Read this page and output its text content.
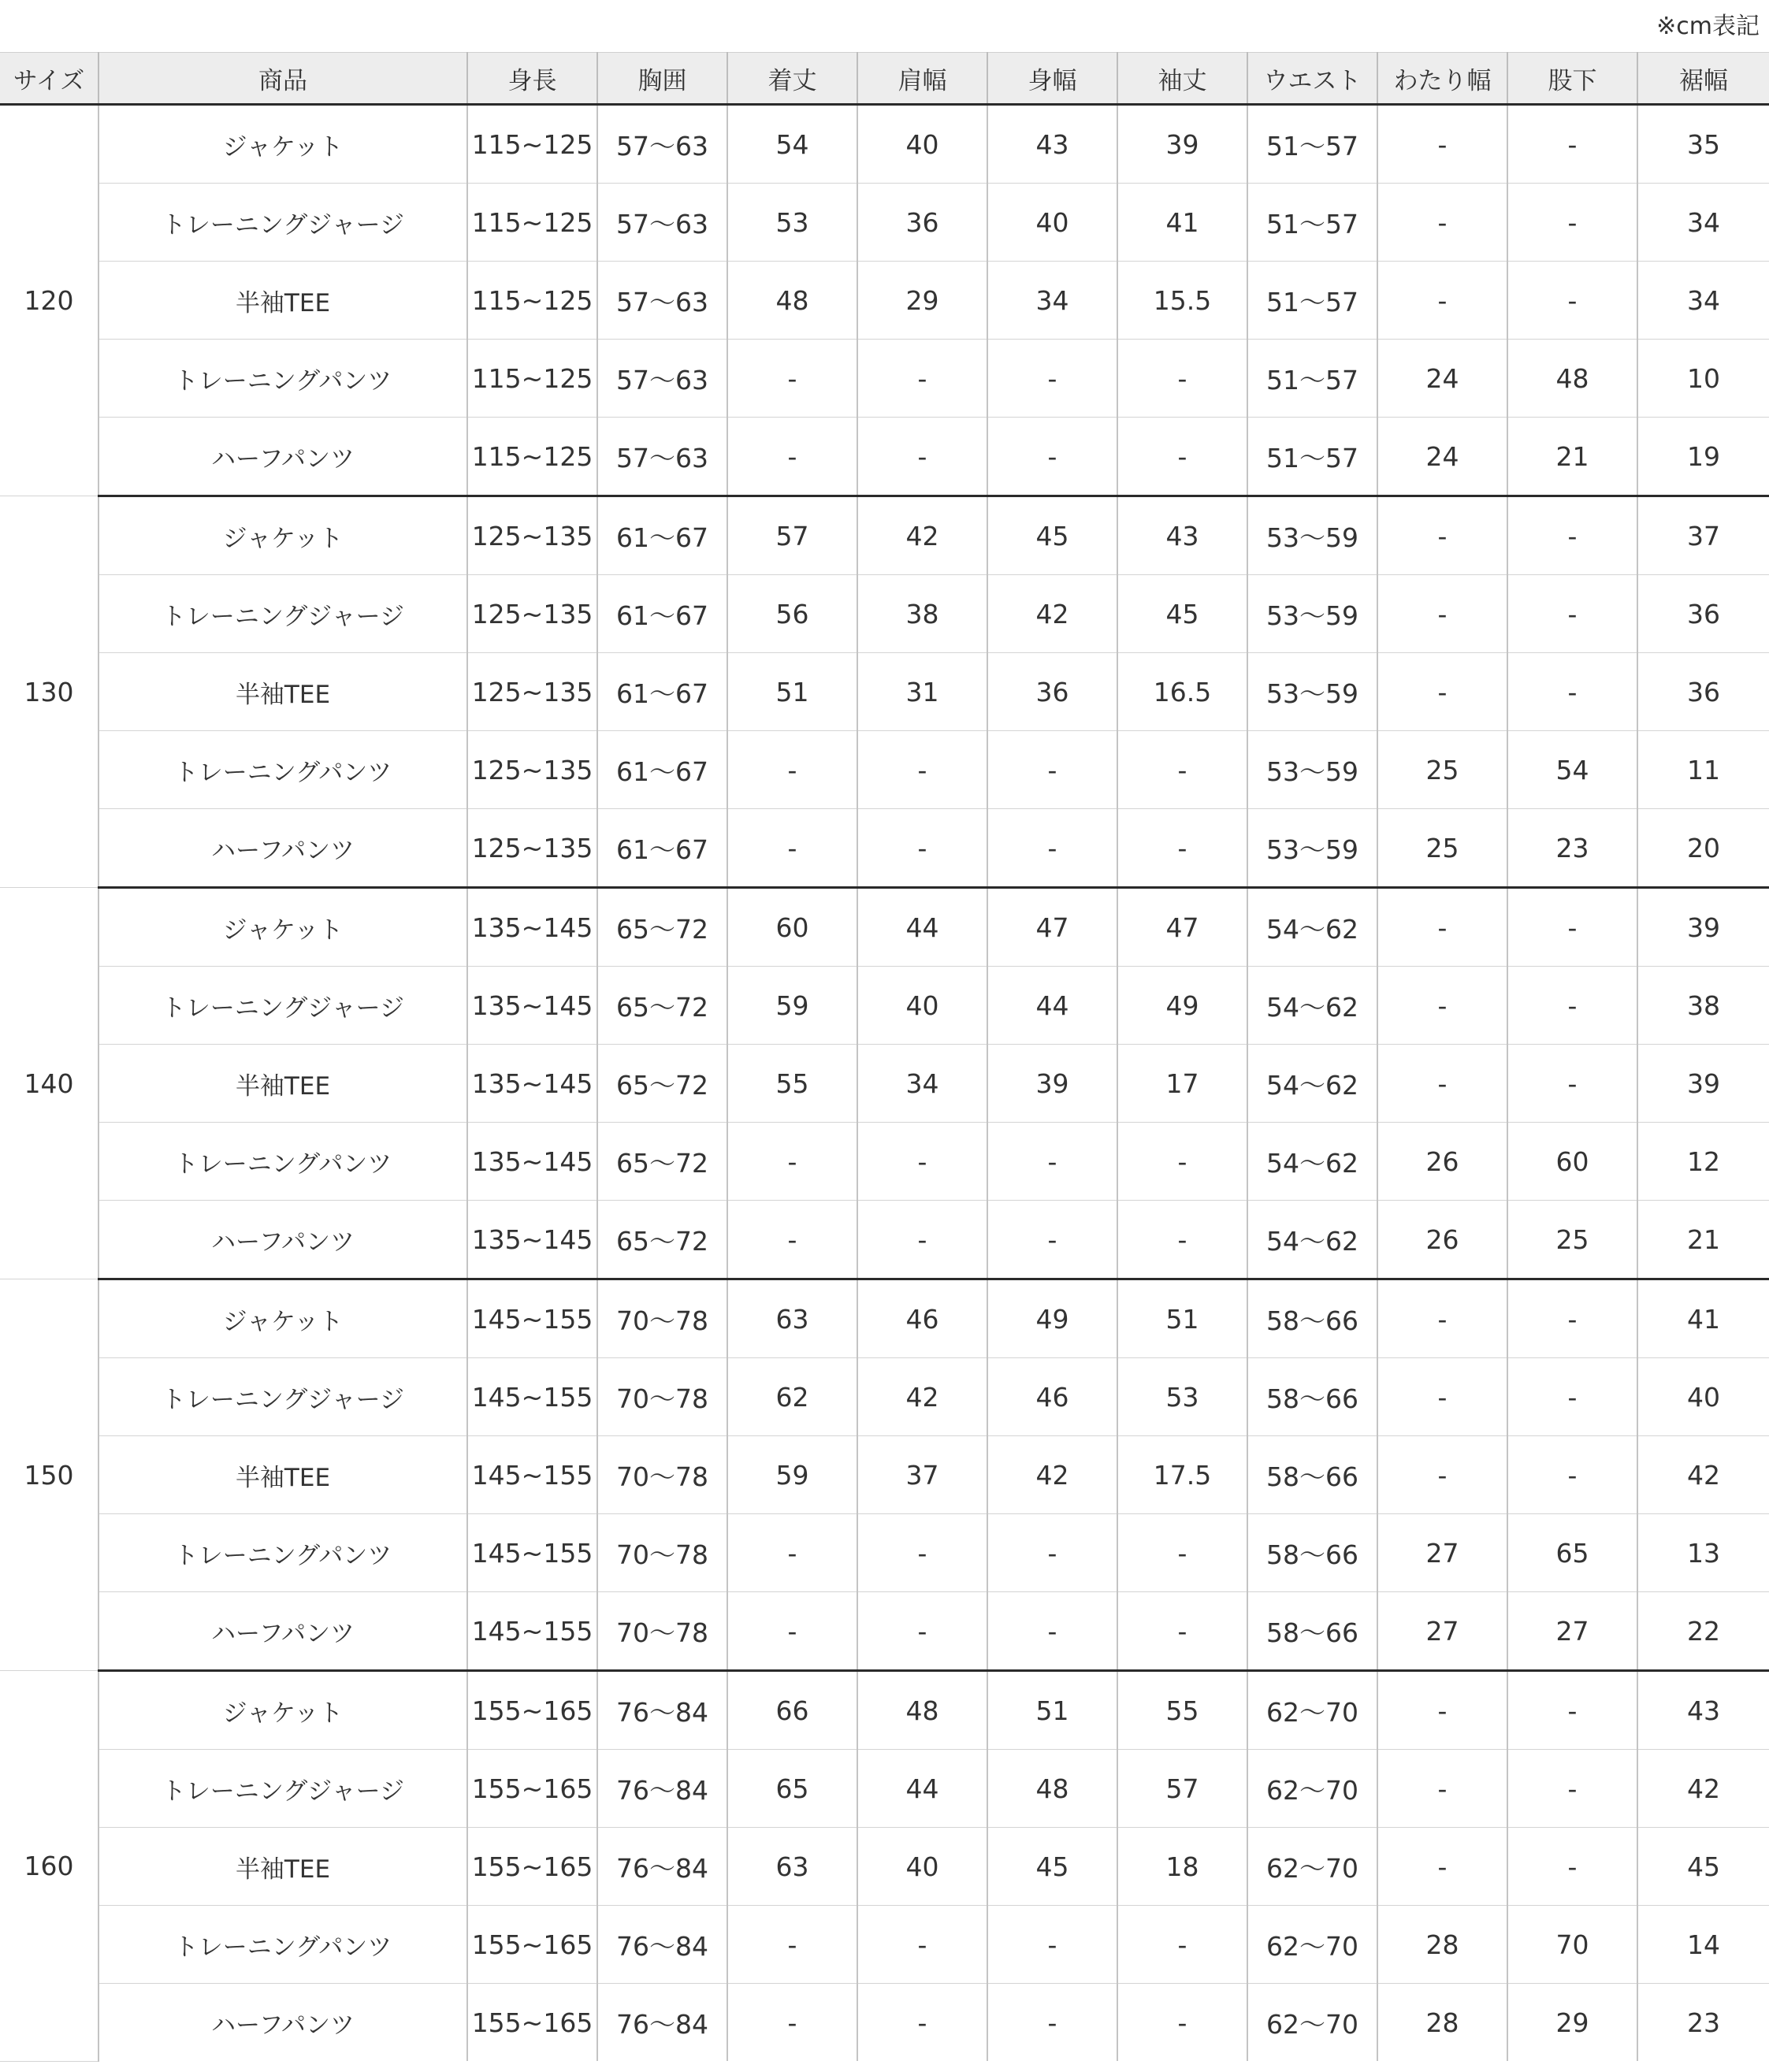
※cm表記
サイズ	商品	身長	胸囲	着丈	肩幅	身幅	袖丈	ウエスト	わたり幅	股下	裾幅
120	ジャケット	115~125	57～63	54	40	43	39	51～57	-	-	35
	トレーニングジャージ	115~125	57～63	53	36	40	41	51～57	-	-	34
	半袖TEE	115~125	57～63	48	29	34	15.5	51～57	-	-	34
	トレーニングパンツ	115~125	57～63	-	-	-	-	51～57	24	48	10
	ハーフパンツ	115~125	57～63	-	-	-	-	51～57	24	21	19
130	ジャケット	125~135	61～67	57	42	45	43	53～59	-	-	37
	トレーニングジャージ	125~135	61～67	56	38	42	45	53～59	-	-	36
	半袖TEE	125~135	61～67	51	31	36	16.5	53～59	-	-	36
	トレーニングパンツ	125~135	61～67	-	-	-	-	53～59	25	54	11
	ハーフパンツ	125~135	61～67	-	-	-	-	53～59	25	23	20
140	ジャケット	135~145	65～72	60	44	47	47	54～62	-	-	39
	トレーニングジャージ	135~145	65～72	59	40	44	49	54～62	-	-	38
	半袖TEE	135~145	65～72	55	34	39	17	54～62	-	-	39
	トレーニングパンツ	135~145	65～72	-	-	-	-	54～62	26	60	12
	ハーフパンツ	135~145	65～72	-	-	-	-	54～62	26	25	21
150	ジャケット	145~155	70～78	63	46	49	51	58～66	-	-	41
	トレーニングジャージ	145~155	70～78	62	42	46	53	58～66	-	-	40
	半袖TEE	145~155	70～78	59	37	42	17.5	58～66	-	-	42
	トレーニングパンツ	145~155	70～78	-	-	-	-	58～66	27	65	13
	ハーフパンツ	145~155	70～78	-	-	-	-	58～66	27	27	22
160	ジャケット	155~165	76～84	66	48	51	55	62～70	-	-	43
	トレーニングジャージ	155~165	76～84	65	44	48	57	62～70	-	-	42
	半袖TEE	155~165	76～84	63	40	45	18	62～70	-	-	45
	トレーニングパンツ	155~165	76～84	-	-	-	-	62～70	28	70	14
	ハーフパンツ	155~165	76～84	-	-	-	-	62～70	28	29	23
